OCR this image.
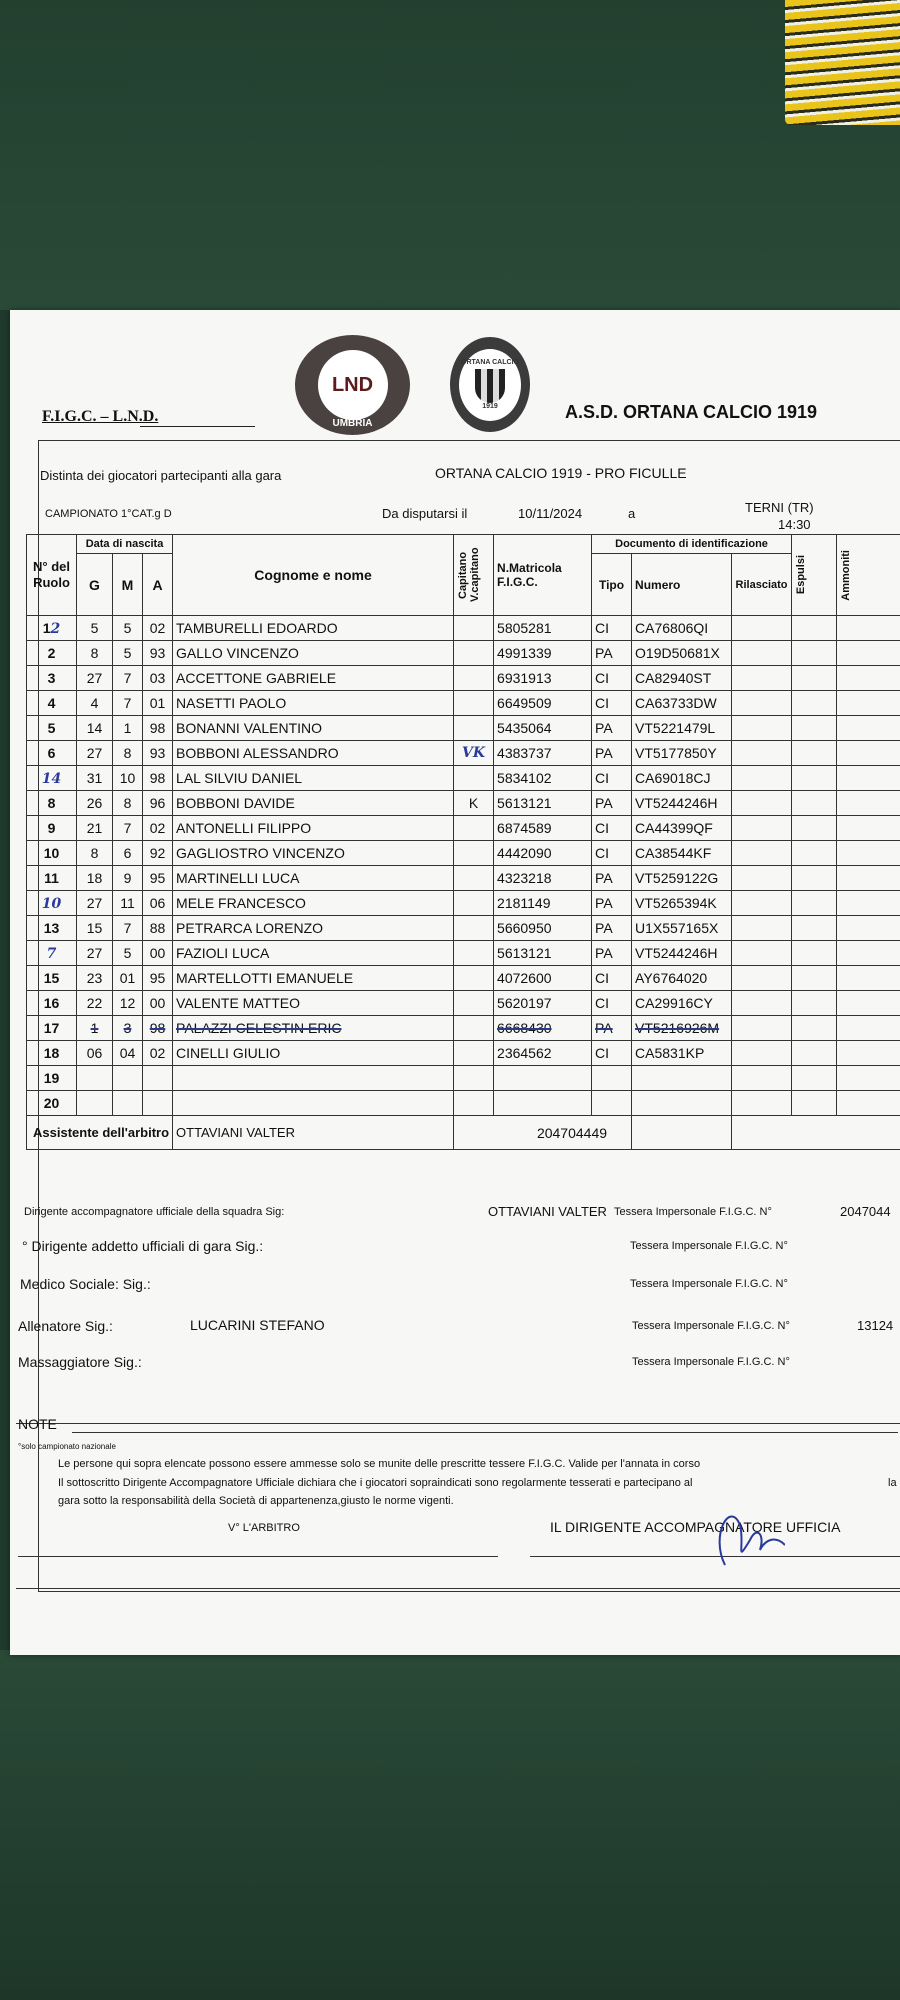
F.I.G.C. – L.N.D.
LND
UMBRIA
ORTANA CALCIO
1919	A.S.D. ORTANA CALCIO 1919
Distinta dei giocatori partecipanti alla gara	ORTANA CALCIO 1919 - PRO FICULLE
CAMPIONATO 1°CAT.g D	Da disputarsi il	10/11/2024	a	TERNI (TR)
14:30
N° del Ruolo	Data di nascita			Cognome e nome	Capitano V.capitano	N.Matricola F.I.G.C.	Documento di identificazione			Espulsi	Ammoniti

	G	M	A				Tipo	Numero	Rilasciato		
12	5	5	02	TAMBURELLI EDOARDO		5805281	CI	CA76806QI			
2	8	5	93	GALLO VINCENZO		4991339	PA	O19D50681X			
3	27	7	03	ACCETTONE GABRIELE		6931913	CI	CA82940ST			
4	4	7	01	NASETTI PAOLO		6649509	CI	CA63733DW			
5	14	1	98	BONANNI VALENTINO		5435064	PA	VT5221479L			
6	27	8	93	BOBBONI ALESSANDRO	VK	4383737	PA	VT5177850Y			
14	31	10	98	LAL SILVIU DANIEL		5834102	CI	CA69018CJ			
8	26	8	96	BOBBONI DAVIDE	K	5613121	PA	VT5244246H			
9	21	7	02	ANTONELLI FILIPPO		6874589	CI	CA44399QF			
10	8	6	92	GAGLIOSTRO VINCENZO		4442090	CI	CA38544KF			
11	18	9	95	MARTINELLI LUCA		4323218	PA	VT5259122G			
10	27	11	06	MELE FRANCESCO		2181149	PA	VT5265394K			
13	15	7	88	PETRARCA LORENZO		5660950	PA	U1X557165X			
7	27	5	00	FAZIOLI LUCA		5613121	PA	VT5244246H			
15	23	01	95	MARTELLOTTI EMANUELE		4072600	CI	AY6764020			
16	22	12	00	VALENTE MATTEO		5620197	CI	CA29916CY			
17	1	3	98	PALAZZI CELESTIN ERIC		6668430	PA	VT5216926M			
18	06	04	02	CINELLI GIULIO		2364562	CI	CA5831KP			
19											
20											
Assistente dell'arbitro				OTTAVIANI VALTER	204704449						
Dirigente accompagnatore ufficiale della squadra Sig:	OTTAVIANI VALTER Tessera Impersonale F.I.G.C. N°	2047044
° Dirigente addetto ufficiali di gara Sig.:	Tessera Impersonale F.I.G.C. N°
Medico Sociale: Sig.:	Tessera Impersonale F.I.G.C. N°
Allenatore Sig.:	LUCARINI STEFANO	Tessera Impersonale F.I.G.C. N°	13124
Massaggiatore Sig.:	Tessera Impersonale F.I.G.C. N°
NOTE
°solo campionato nazionale
Le persone qui sopra elencate possono essere ammesse solo se munite delle prescritte tessere F.I.G.C. Valide per l'annata in corso
Il sottoscritto Dirigente Accompagnatore Ufficiale dichiara che i giocatori sopraindicati sono regolarmente tesserati e partecipano al	la
gara sotto la responsabilità della Società di appartenenza,giusto le norme vigenti.
V° L'ARBITRO	IL DIRIGENTE ACCOMPAGNATORE UFFICIA
